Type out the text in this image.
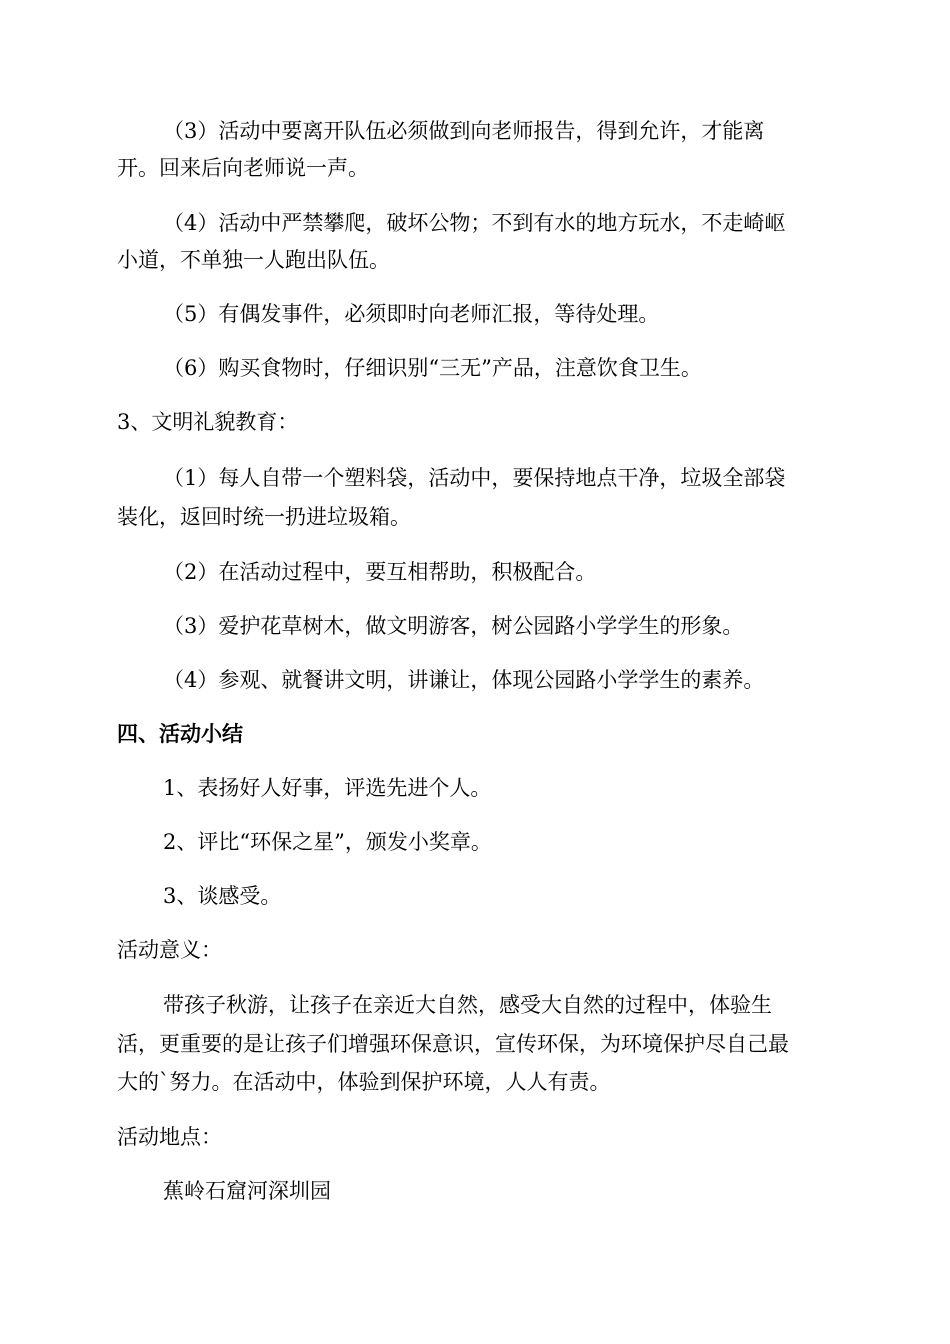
（3）活动中要离开队伍必须做到向老师报告，得到允许，才能离
开。回来后向老师说一声。
（4）活动中严禁攀爬，破坏公物；不到有水的地方玩水，不走崎岖
小道，不单独一人跑出队伍。
（5）有偶发事件，必须即时向老师汇报，等待处理。
（6）购买食物时，仔细识别“三无”产品，注意饮食卫生。
3、文明礼貌教育：
（1）每人自带一个塑料袋，活动中，要保持地点干净，垃圾全部袋
装化，返回时统一扔进垃圾箱。
（2）在活动过程中，要互相帮助，积极配合。
（3）爱护花草树木，做文明游客，树公园路小学学生的形象。
（4）参观、就餐讲文明，讲谦让，体现公园路小学学生的素养。
四、活动小结
1、表扬好人好事，评选先进个人。
2、评比“环保之星”，颁发小奖章。
3、谈感受。
活动意义：
带孩子秋游，让孩子在亲近大自然，感受大自然的过程中，体验生
活，更重要的是让孩子们增强环保意识，宣传环保，为环境保护尽自己最
大的`努力。在活动中，体验到保护环境，人人有责。
活动地点：
蕉岭石窟河深圳园
